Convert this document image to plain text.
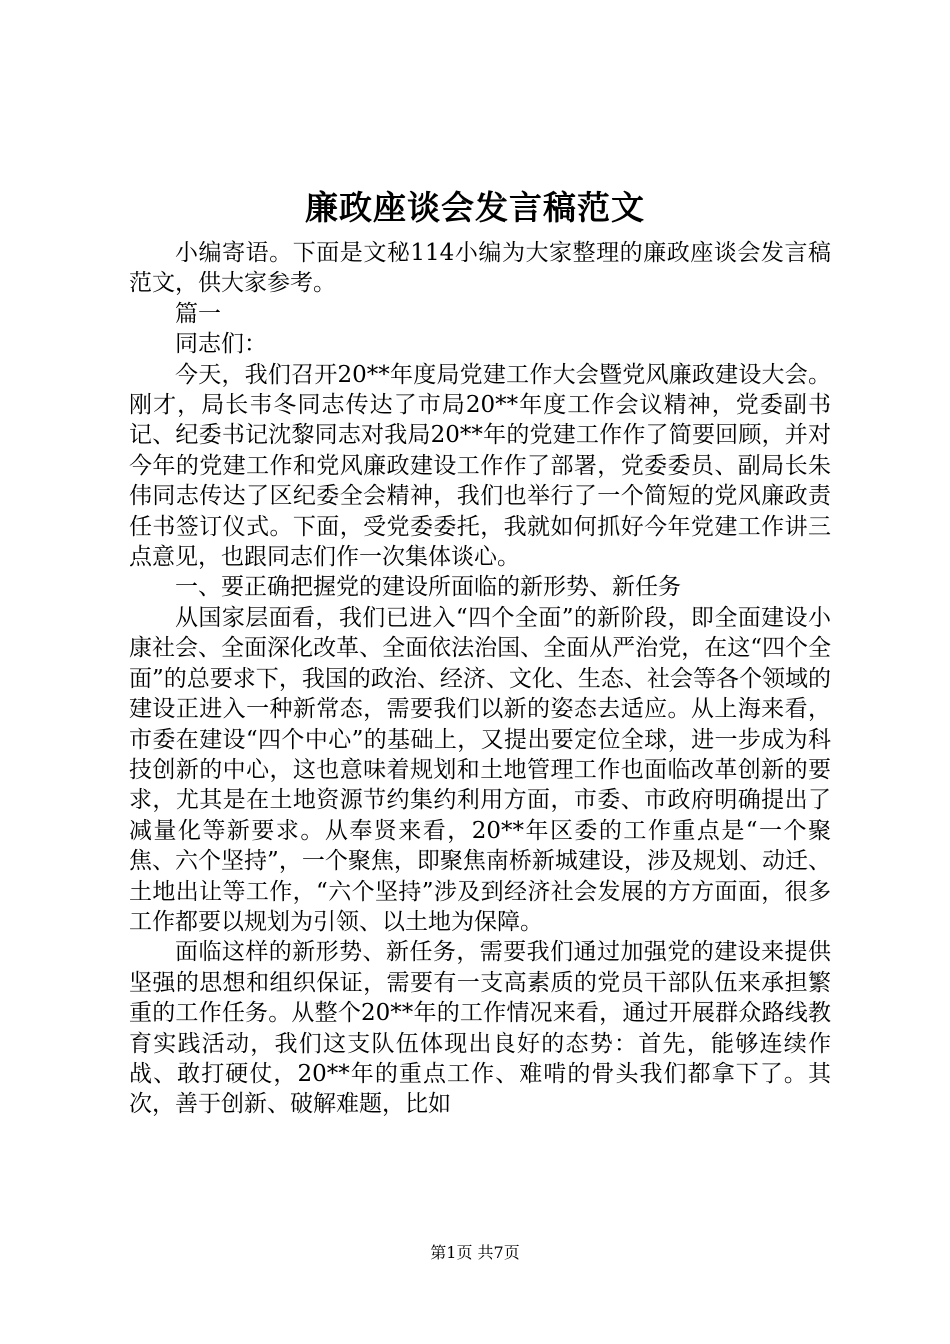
廉政座谈会发言稿范文

小编寄语。下面是文秘114小编为大家整理的廉政座谈会发言稿范文，供大家参考。

篇一

同志们：

今天，我们召开20**年度局党建工作大会暨党风廉政建设大会。刚才，局长韦冬同志传达了市局20**年度工作会议精神，党委副书记、纪委书记沈黎同志对我局20**年的党建工作作了简要回顾，并对今年的党建工作和党风廉政建设工作作了部署，党委委员、副局长朱伟同志传达了区纪委全会精神，我们也举行了一个简短的党风廉政责任书签订仪式。下面，受党委委托，我就如何抓好今年党建工作讲三点意见，也跟同志们作一次集体谈心。

一、要正确把握党的建设所面临的新形势、新任务

从国家层面看，我们已进入“四个全面”的新阶段，即全面建设小康社会、全面深化改革、全面依法治国、全面从严治党，在这“四个全面”的总要求下，我国的政治、经济、文化、生态、社会等各个领域的建设正进入一种新常态，需要我们以新的姿态去适应。从上海来看，市委在建设“四个中心”的基础上，又提出要定位全球，进一步成为科技创新的中心，这也意味着规划和土地管理工作也面临改革创新的要求，尤其是在土地资源节约集约利用方面，市委、市政府明确提出了减量化等新要求。从奉贤来看，20**年区委的工作重点是“一个聚焦、六个坚持”，一个聚焦，即聚焦南桥新城建设，涉及规划、动迁、土地出让等工作，“六个坚持”涉及到经济社会发展的方方面面，很多工作都要以规划为引领、以土地为保障。

面临这样的新形势、新任务，需要我们通过加强党的建设来提供坚强的思想和组织保证，需要有一支高素质的党员干部队伍来承担繁重的工作任务。从整个20**年的工作情况来看，通过开展群众路线教育实践活动，我们这支队伍体现出良好的态势：首先，能够连续作战、敢打硬仗，20**年的重点工作、难啃的骨头我们都拿下了。其次，善于创新、破解难题，比如

第1页 共7页
